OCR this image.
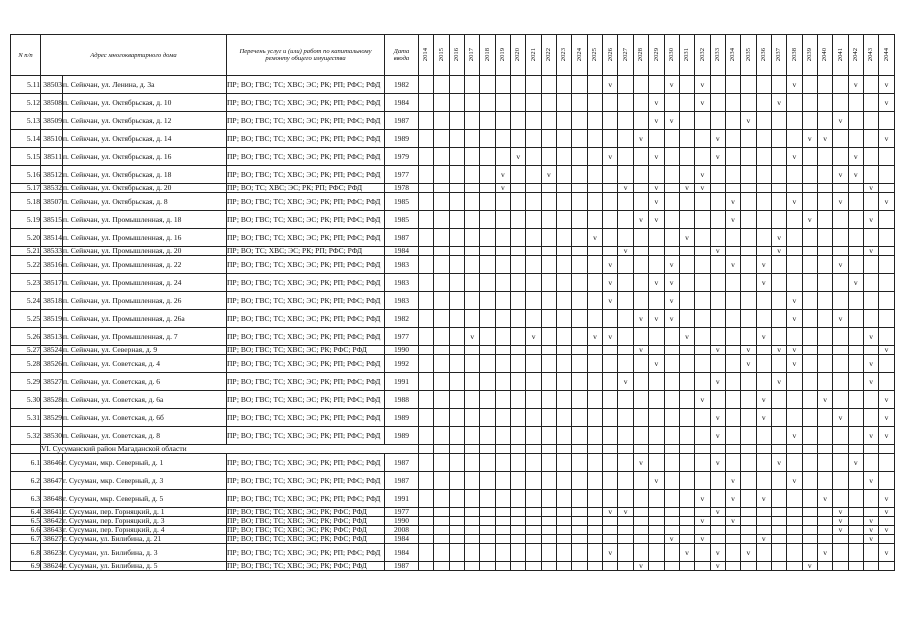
N п/п	Адрес многоквартирного дома		Перечень услуг и (или) работ по капитальному ремонту общего имущества	Дата ввода	2014	2015	2016	2017	2018	2019	2020	2021	2022	2023	2024	2025	2026	2027	2028	2029	2030	2031	2032	2033	2034	2035	2036	2037	2038	2039	2040	2041	2042	2043	2044
5.11	38503	п. Сейкчан, ул. Ленина, д. 3а	ПР; ВО; ГВС; ТС; ХВС; ЭС; РК; РП; РФС; РФД	1982													v				v		v						v				v		v
5.12	38508	п. Сейкчан, ул. Октябрьская, д. 10	ПР; ВО; ГВС; ТС; ХВС; ЭС; РК; РП; РФС; РФД	1984																v			v					v							v
5.13	38509	п. Сейкчан, ул. Октябрьская, д. 12	ПР; ВО; ГВС; ТС; ХВС; ЭС; РК; РП; РФС; РФД	1987																v	v					v						v			
5.14	38510	п. Сейкчан, ул. Октябрьская, д. 14	ПР; ВО; ГВС; ТС; ХВС; ЭС; РК; РП; РФС; РФД	1989															v					v						v	v				v
5.15	38511	п. Сейкчан, ул. Октябрьская, д. 16	ПР; ВО; ГВС; ТС; ХВС; ЭС; РК; РП; РФС; РФД	1979							v						v			v				v					v				v		
5.16	38512	п. Сейкчан, ул. Октябрьская, д. 18	ПР; ВО; ГВС; ТС; ХВС; ЭС; РК; РП; РФС; РФД	1977						v			v										v									v	v		
5.17	38532	п. Сейкчан, ул. Октябрьская, д. 20	ПР; ВО; ТС; ХВС; ЭС; РК; РП; РФС; РФД	1978						v								v		v		v	v											v	
5.18	38507	п. Сейкчан, ул. Октябрьская, д. 8	ПР; ВО; ГВС; ТС; ХВС; ЭС; РК; РП; РФС; РФД	1985																v					v				v			v			v
5.19	38515	п. Сейкчан, ул. Промышленная, д. 18	ПР; ВО; ГВС; ТС; ХВС; ЭС; РК; РП; РФС; РФД	1985															v	v					v					v				v	
5.20	38514	п. Сейкчан, ул. Промышленная, д. 16	ПР; ВО; ГВС; ТС; ХВС; ЭС; РК; РП; РФС; РФД	1987												v						v						v							
5.21	38533	п. Сейкчан, ул. Промышленная, д. 20	ПР; ВО; ТС; ХВС; ЭС; РК; РП; РФС; РФД	1984														v						v				v						v	
5.22	38516	п. Сейкчан, ул. Промышленная, д. 22	ПР; ВО; ГВС; ТС; ХВС; ЭС; РК; РП; РФС; РФД	1983													v				v				v		v					v			
5.23	38517	п. Сейкчан, ул. Промышленная, д. 24	ПР; ВО; ГВС; ТС; ХВС; ЭС; РК; РП; РФС; РФД	1983													v			v	v						v						v		
5.24	38518	п. Сейкчан, ул. Промышленная, д. 26	ПР; ВО; ГВС; ТС; ХВС; ЭС; РК; РП; РФС; РФД	1983													v				v								v						
5.25	38519	п. Сейкчан, ул. Промышленная, д. 26а	ПР; ВО; ГВС; ТС; ХВС; ЭС; РК; РП; РФС; РФД	1982															v	v	v								v			v			
5.26	38513	п. Сейкчан, ул. Промышленная, д. 7	ПР; ВО; ГВС; ТС; ХВС; ЭС; РК; РП; РФС; РФД	1977				v				v				v	v					v					v							v	
5.27	38524	п. Сейкчан, ул. Северная, д. 9	ПР; ВО; ГВС; ТС; ХВС; ЭС; РК; РФС; РФД	1990															v					v		v		v	v						v
5.28	38526	п. Сейкчан, ул. Советская, д. 4	ПР; ВО; ГВС; ТС; ХВС; ЭС; РК; РП; РФС; РФД	1992																v						v			v					v	
5.29	38527	п. Сейкчан, ул. Советская, д. 6	ПР; ВО; ГВС; ТС; ХВС; ЭС; РК; РП; РФС; РФД	1991														v						v				v						v	
5.30	38528	п. Сейкчан, ул. Советская, д. 6а	ПР; ВО; ГВС; ТС; ХВС; ЭС; РК; РП; РФС; РФД	1988																			v				v				v				v
5.31	38529	п. Сейкчан, ул. Советская, д. 6б	ПР; ВО; ГВС; ТС; ХВС; ЭС; РК; РП; РФС; РФД	1989																				v			v					v			v
5.32	38530	п. Сейкчан, ул. Советская, д. 8	ПР; ВО; ГВС; ТС; ХВС; ЭС; РК; РП; РФС; РФД	1989																				v					v					v	v
	VI. Сусуманский район Магаданской области																																		
6.1	38646	г. Сусуман, мкр. Северный, д. 1	ПР; ВО; ГВС; ТС; ХВС; ЭС; РК; РП; РФС; РФД	1987															v					v				v					v		
6.2	38647	г. Сусуман, мкр. Северный, д. 3	ПР; ВО; ГВС; ТС; ХВС; ЭС; РК; РП; РФС; РФД	1987																v					v				v					v	
6.3	38648	г. Сусуман, мкр. Северный, д. 5	ПР; ВО; ГВС; ТС; ХВС; ЭС; РК; РП; РФС; РФД	1991																			v		v		v				v				v
6.4	38641	г. Сусуман, пер. Горняцкий, д. 1	ПР; ВО; ГВС; ТС; ХВС; ЭС; РК; РФС; РФД	1977													v	v						v								v			v
6.5	38642	г. Сусуман, пер. Горняцкий, д. 3	ПР; ВО; ГВС; ТС; ХВС; ЭС; РК; РФС; РФД	1990																			v		v							v		v	
6.6	38643	г. Сусуман, пер. Горняцкий, д. 4	ПР; ВО; ГВС; ТС; ХВС; ЭС; РК; РФС; РФД	2008																												v		v	v
6.7	38627	г. Сусуман, ул. Билибина, д. 21	ПР; ВО; ГВС; ТС; ХВС; ЭС; РК; РФС; РФД	1984																	v		v				v							v	
6.8	38623	г. Сусуман, ул. Билибина, д. 3	ПР; ВО; ГВС; ТС; ХВС; ЭС; РК; РП; РФС; РФД	1984													v					v		v		v					v				v
6.9	38624	г. Сусуман, ул. Билибина, д. 5	ПР; ВО; ГВС; ТС; ХВС; ЭС; РК; РФС; РФД	1987															v					v						v					
